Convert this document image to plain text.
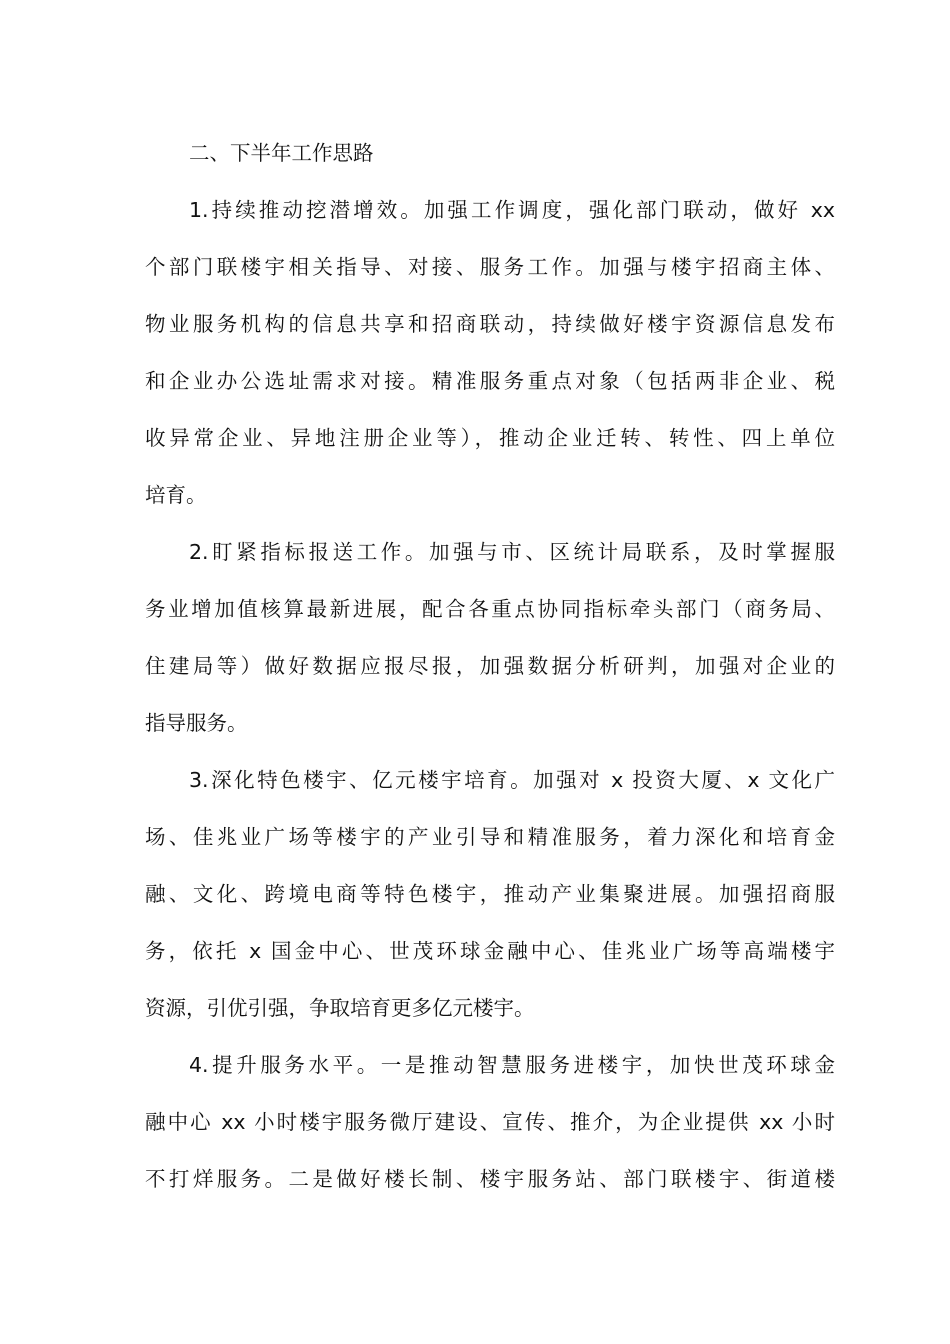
二、下半年工作思路
1.持续推动挖潜增效。加强工作调度，强化部门联动，做好 xx
个部门联楼宇相关指导、对接、服务工作。加强与楼宇招商主体、
物业服务机构的信息共享和招商联动，持续做好楼宇资源信息发布
和企业办公选址需求对接。精准服务重点对象（包括两非企业、税
收异常企业、异地注册企业等），推动企业迁转、转性、四上单位
培育。
2.盯紧指标报送工作。加强与市、区统计局联系，及时掌握服
务业增加值核算最新进展，配合各重点协同指标牵头部门（商务局、
住建局等）做好数据应报尽报，加强数据分析研判，加强对企业的
指导服务。
3.深化特色楼宇、亿元楼宇培育。加强对 x 投资大厦、x 文化广
场、佳兆业广场等楼宇的产业引导和精准服务，着力深化和培育金
融、文化、跨境电商等特色楼宇，推动产业集聚进展。加强招商服
务，依托 x 国金中心、世茂环球金融中心、佳兆业广场等高端楼宇
资源，引优引强，争取培育更多亿元楼宇。
4.提升服务水平。一是推动智慧服务进楼宇，加快世茂环球金
融中心 xx 小时楼宇服务微厅建设、宣传、推介，为企业提供 xx 小时
不打烊服务。二是做好楼长制、楼宇服务站、部门联楼宇、街道楼
